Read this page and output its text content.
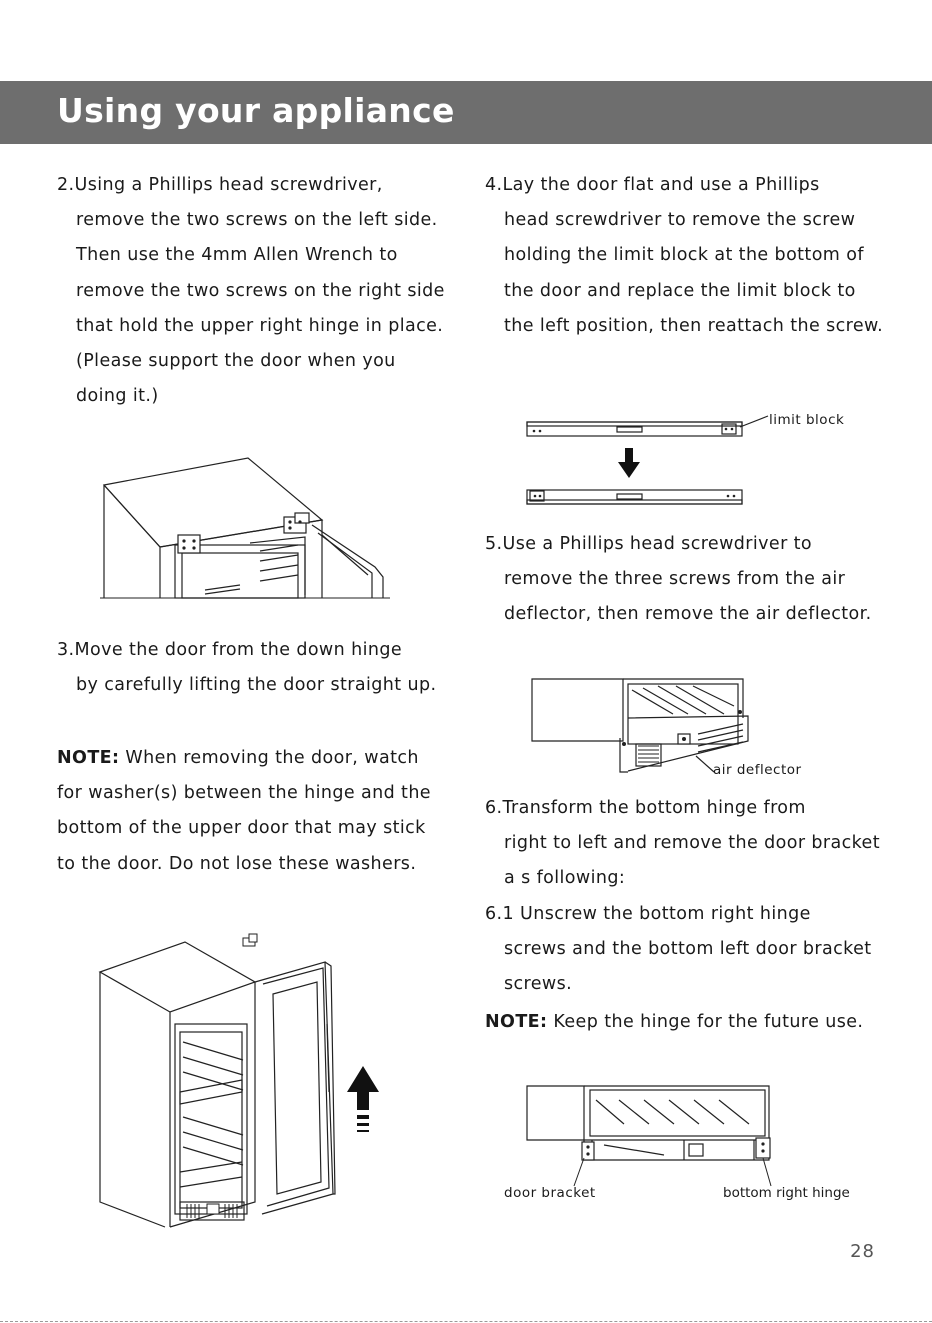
Using your appliance
2.Using a Phillips head screwdriver,
remove the two screws on the left side. Then use the 4mm Allen Wrench to remove the two screws on the right side that hold the upper right hinge in place.(Please support the door when you doing it.)
3.Move the door from the down hinge
by carefully lifting the door straight up.
NOTE: When removing the door, watch for washer(s) between the hinge and the bottom of the upper door that may stick to the door. Do not lose these washers.
4.Lay the door flat and use a Phillips
head screwdriver to remove the screw holding the limit block at the bottom of the door and replace the limit block to the left position, then reattach the screw.
limit block
5.Use a Phillips head screwdriver to
remove the three screws from the air deflector, then remove the air deflector.
air deflector
6.Transform the bottom hinge from
right to left and remove the door bracket a s following:
6.1 Unscrew the bottom right hinge
screws and the bottom left door bracket screws.
NOTE: Keep the hinge for the future use.
door bracket	bottom right hinge
28
